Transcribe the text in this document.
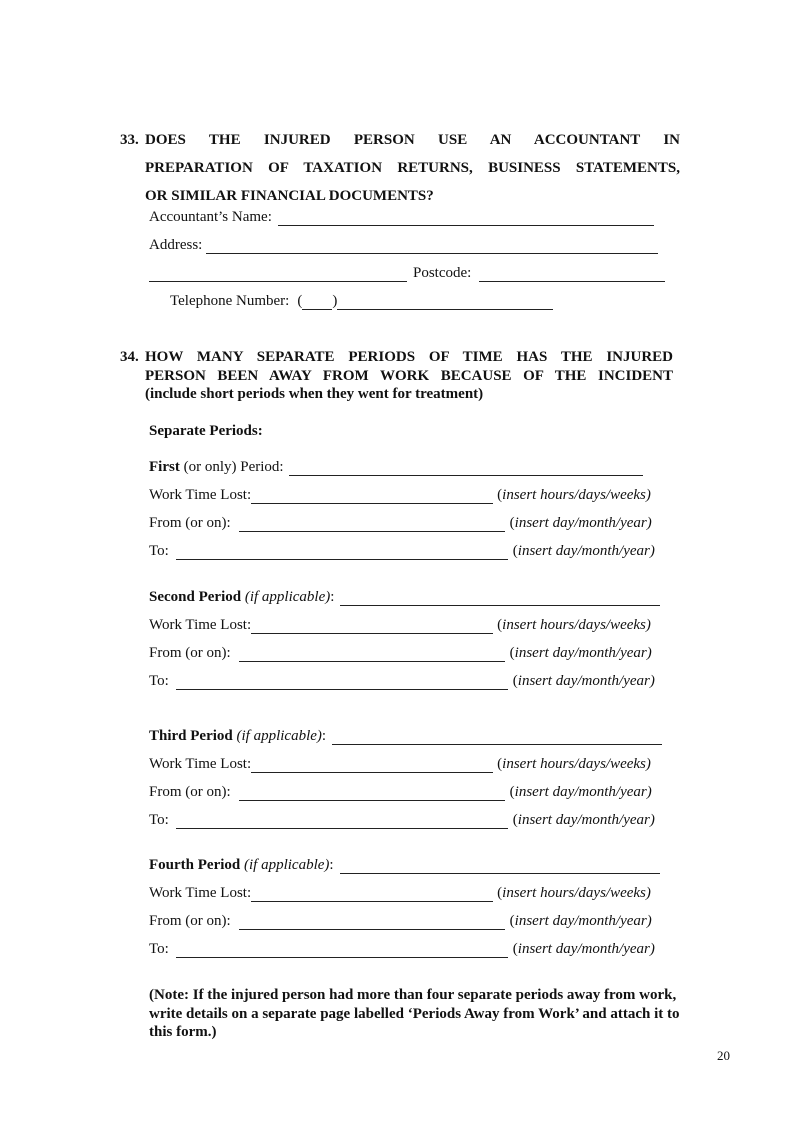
33. DOES THE INJURED PERSON USE AN ACCOUNTANT IN
PREPARATION OF TAXATION RETURNS, BUSINESS STATEMENTS,
OR SIMILAR FINANCIAL DOCUMENTS?
Accountant’s Name:
Address:
Postcode:
Telephone Number: ( )
34. HOW MANY SEPARATE PERIODS OF TIME HAS THE INJURED
PERSON BEEN AWAY FROM WORK BECAUSE OF THE INCIDENT
(include short periods when they went for treatment)
Separate Periods:
First (or only) Period:
Work Time Lost:	( insert hours/days/weeks)
From (or on):	( insert day/month/year)
To:	( insert day/month/year)
Second Period (if applicable) :
Work Time Lost:	( insert hours/days/weeks)
From (or on):	( insert day/month/year)
To:	( insert day/month/year)
Third Period (if applicable) :
Work Time Lost:	( insert hours/days/weeks)
From (or on):	( insert day/month/year)
To:	( insert day/month/year)
Fourth Period (if applicable) :
Work Time Lost:	( insert hours/days/weeks)
From (or on):	( insert day/month/year)
To:	( insert day/month/year)
(Note: If the injured person had more than four separate periods away from work, write details on a separate page labelled ‘Periods Away from Work’ and attach it to this form.)
20
